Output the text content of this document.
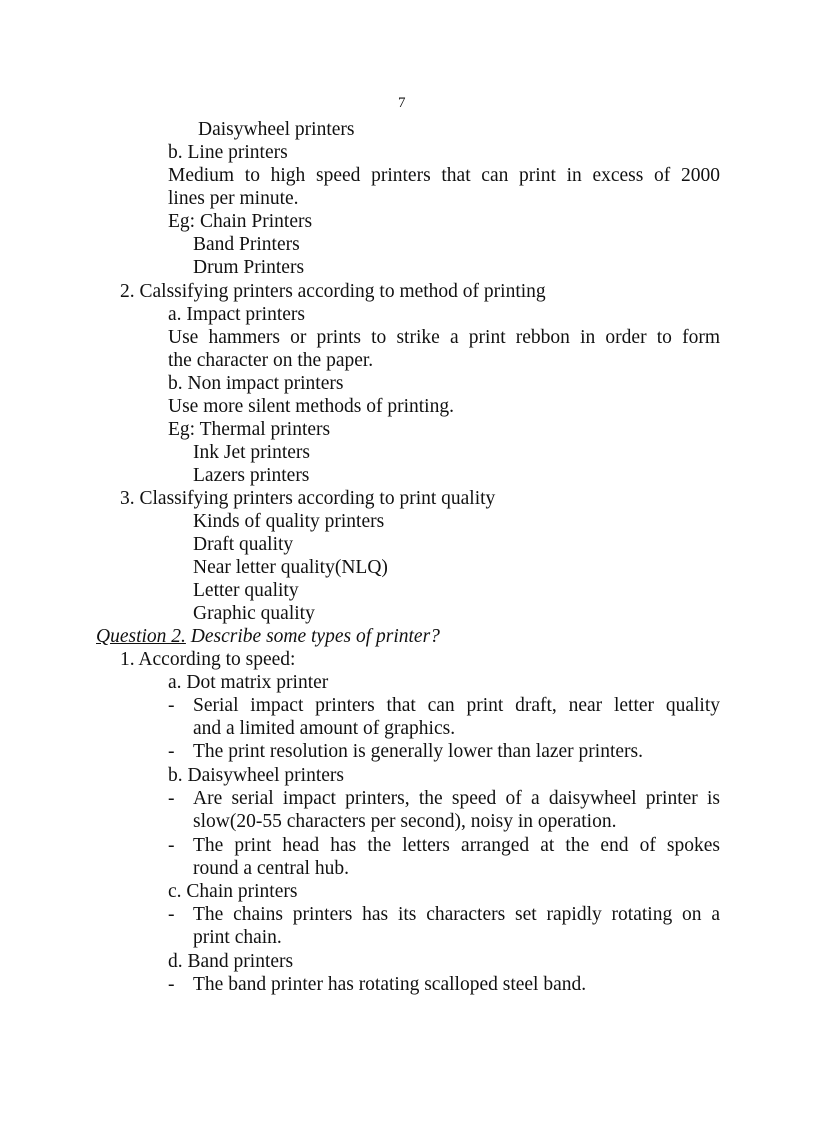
7
Daisywheel printers
b. Line printers
Medium to high speed printers that can print in excess of 2000
lines per minute.
Eg: Chain Printers
Band Printers
Drum Printers
2. Calssifying printers according to method of printing
a. Impact printers
Use hammers or prints to strike a print rebbon in order to form
the character on the paper.
b. Non impact printers
Use more silent methods of printing.
Eg: Thermal printers
Ink Jet printers
Lazers printers
3. Classifying printers according to print quality
Kinds of quality printers
Draft quality
Near letter quality(NLQ)
Letter quality
Graphic quality
Question 2. Describe some types of printer?
1. According to speed:
a. Dot matrix printer
- Serial impact printers that can print draft, near letter quality
and a limited amount of graphics.
- The print resolution is generally lower than lazer printers.
b. Daisywheel printers
- Are serial impact printers, the speed of a daisywheel printer is
slow(20-55 characters per second), noisy in operation.
- The print head has the letters arranged at the end of spokes
round a central hub.
c. Chain printers
- The chains printers has its characters set rapidly rotating on a
print chain.
d. Band printers
- The band printer has rotating scalloped steel band.
